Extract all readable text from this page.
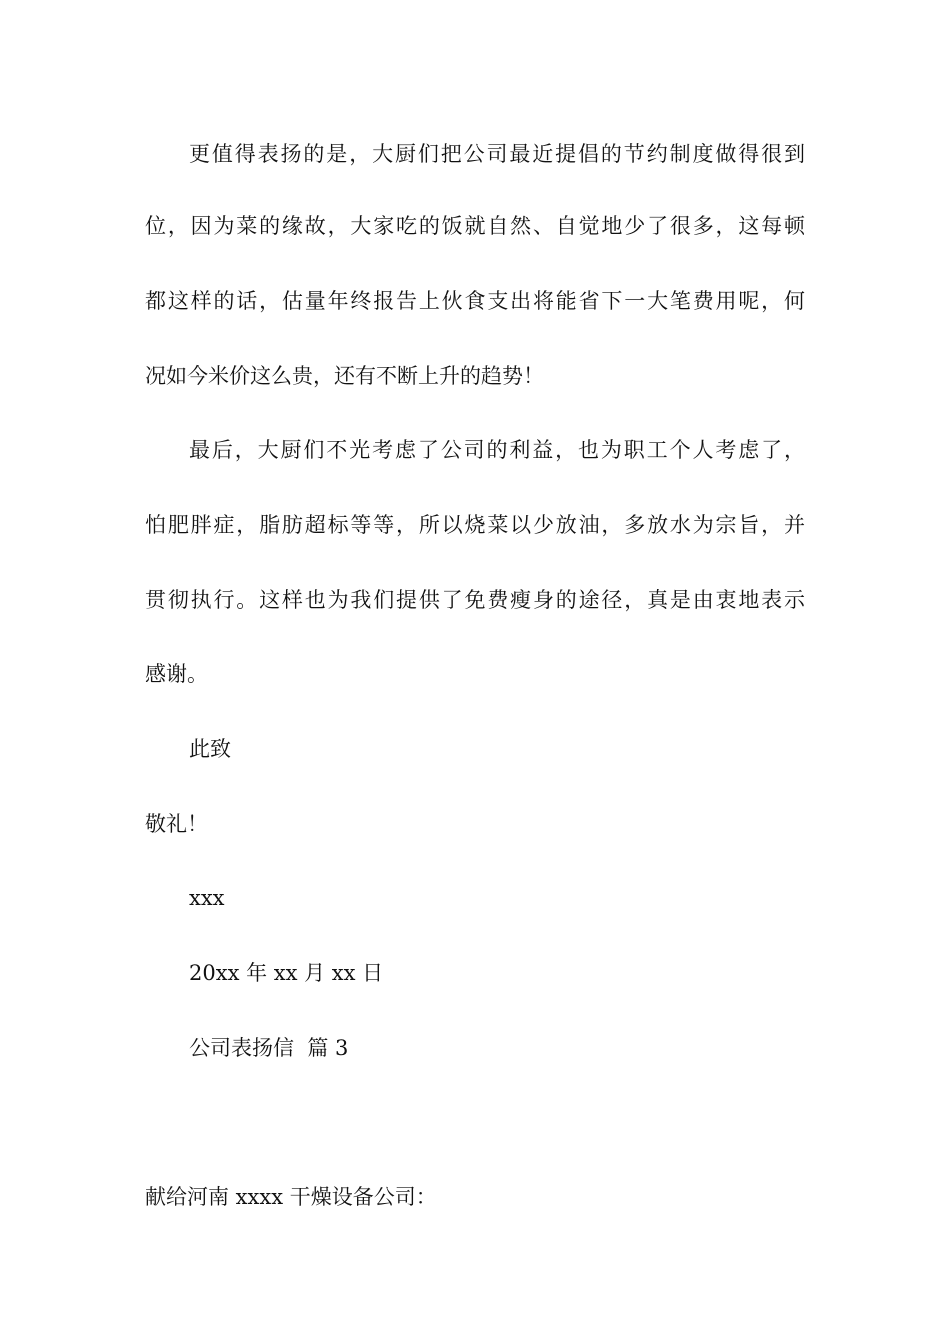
更值得表扬的是，大厨们把公司最近提倡的节约制度做得很到
位，因为菜的缘故，大家吃的饭就自然、自觉地少了很多，这每顿
都这样的话，估量年终报告上伙食支出将能省下一大笔费用呢，何
况如今米价这么贵，还有不断上升的趋势！
最后，大厨们不光考虑了公司的利益，也为职工个人考虑了，
怕肥胖症，脂肪超标等等，所以烧菜以少放油，多放水为宗旨，并
贯彻执行。这样也为我们提供了免费瘦身的途径，真是由衷地表示
感谢。
此致
敬礼！
xxx
20xx 年 xx 月 xx 日
公司表扬信  篇 3
献给河南 xxxx 干燥设备公司：
